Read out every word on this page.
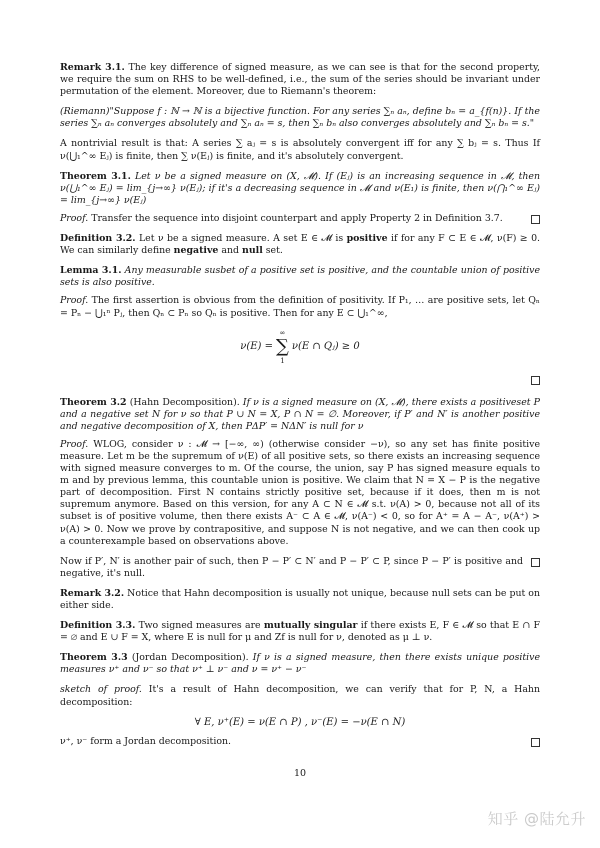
Remark 3.1. The key difference of signed measure, as we can see is that for the second property, we require the sum on RHS to be well-defined, i.e., the sum of the series should be invariant under permutation of the element. Moreover, due to Riemann's theorem:

(Riemann)"Suppose f : ℕ → ℕ is a bijective function. For any series ∑ₙ aₙ, define bₙ = a_{f(n)}. If the series ∑ₙ aₙ converges absolutely and ∑ₙ aₙ = s, then ∑ₙ bₙ also converges absolutely and ∑ₙ bₙ = s."

A nontrivial result is that: A series ∑ aⱼ = s is absolutely convergent iff for any ∑ bⱼ = s. Thus If ν(⋃₁^∞ Eⱼ) is finite, then ∑ ν(Eⱼ) is finite, and it's absolutely convergent.

Theorem 3.1. Let ν be a signed measure on (X, 𝓜). If (Eⱼ) is an increasing sequence in 𝓜, then ν(⋃₁^∞ Eⱼ) = lim_{j→∞} ν(Eⱼ); if it's a decreasing sequence in 𝓜 and ν(E₁) is finite, then ν(⋂₁^∞ Eⱼ) = lim_{j→∞} ν(Eⱼ)

Proof. Transfer the sequence into disjoint counterpart and apply Property 2 in Definition 3.7.

Definition 3.2. Let ν be a signed measure. A set E ∈ 𝓜 is positive if for any F ⊂ E ∈ 𝓜, ν(F) ≥ 0. We can similarly define negative and null set.

Lemma 3.1. Any measurable susbet of a positive set is positive, and the countable union of positive sets is also positive.

Proof. The first assertion is obvious from the definition of positivity. If P₁, … are positive sets, let Qₙ = Pₙ − ⋃₁ⁿ Pⱼ, then Qₙ ⊂ Pₙ so Qₙ is positive. Then for any E ⊂ ⋃₁^∞,

ν(E) =
∞
∑
1
ν(E ∩ Qⱼ) ≥ 0

Theorem 3.2 (Hahn Decomposition). If ν is a signed measure on (X, 𝓜), there exists a positiveset P and a negative set N for ν so that P ∪ N = X, P ∩ N = ∅. Moreover, if P′ and N′ is another positive and negative decomposition of X, then PΔP′ = NΔN′ is null for ν

Proof. WLOG, consider ν : 𝓜 → [−∞, ∞) (otherwise consider −ν), so any set has finite positive measure. Let m be the supremum of ν(E) of all positive sets, so there exists an increasing sequence with signed measure converges to m. Of the course, the union, say P has signed measure equals to m and by previous lemma, this countable union is positive. We claim that N = X − P is the negative part of decomposition. First N contains strictly positive set, because if it does, then m is not supremum anymore. Based on this version, for any A ⊂ N ∈ 𝓜 s.t. ν(A) > 0, because not all of its subset is of positive volume, then there exists A⁻ ⊂ A ∈ 𝓜, ν(A⁻) < 0, so for A⁺ = A − A⁻, ν(A⁺) > ν(A) > 0. Now we prove by contrapositive, and suppose N is not negative, and we can then cook up a counterexample based on observations above.

Now if P′, N′ is another pair of such, then P − P′ ⊂ N′ and P − P′ ⊂ P, since P − P′ is positive and negative, it's null.

Remark 3.2. Notice that Hahn decomposition is usually not unique, because null sets can be put on either side.

Definition 3.3. Two signed measures are mutually singular if there exists E, F ∈ 𝓜 so that E ∩ F = ∅ and E ∪ F = X, where E is null for μ and Zf is null for ν, denoted as μ ⊥ ν.

Theorem 3.3 (Jordan Decomposition). If ν is a signed measure, then there exists unique positive measures ν⁺ and ν⁻ so that ν⁺ ⊥ ν⁻ and ν = ν⁺ − ν⁻

sketch of proof. It's a result of Hahn decomposition, we can verify that for P, N, a Hahn decomposition:

∀ E, ν⁺(E) = ν(E ∩ P) , ν⁻(E) = −ν(E ∩ N)
ν⁺, ν⁻ form a Jordan decomposition.
10
知乎 @陆允升
